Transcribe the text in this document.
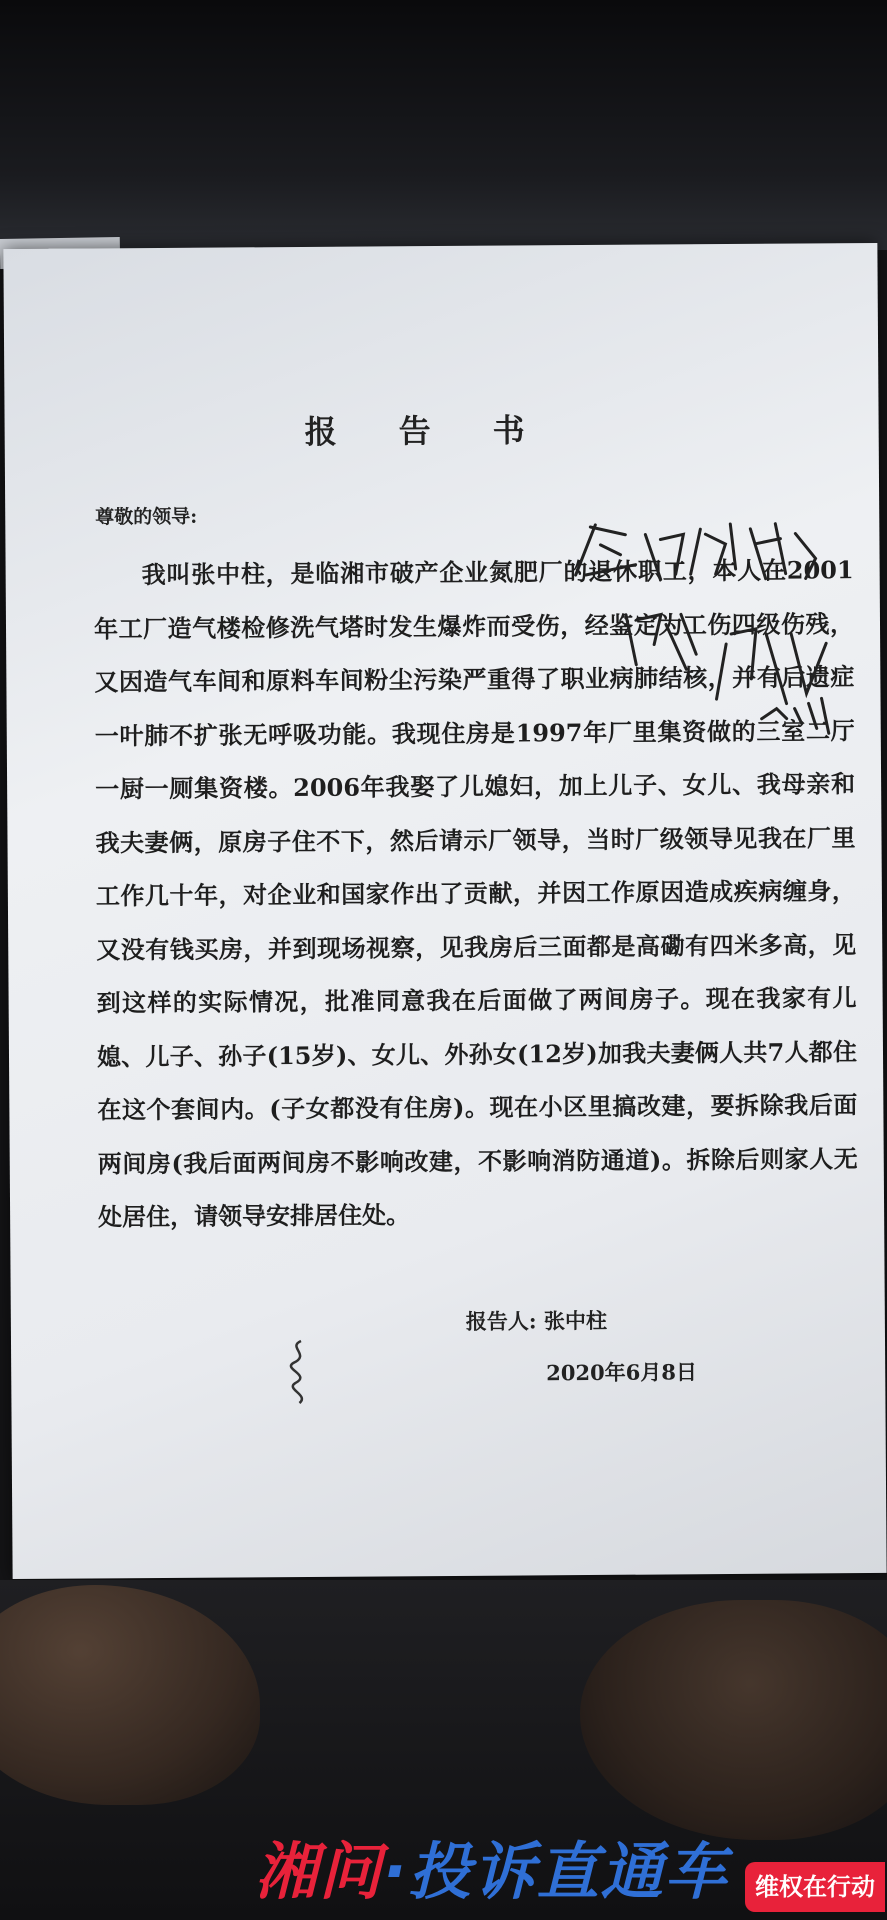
报告书
尊敬的领导:
我叫张中柱，是临湘市破产企业氮肥厂的退休职工，本人在2001年工厂造气楼检修洗气塔时发生爆炸而受伤，经鉴定为工伤四级伤残，又因造气车间和原料车间粉尘污染严重得了职业病肺结核，并有后遗症一叶肺不扩张无呼吸功能。我现住房是1997年厂里集资做的三室二厅一厨一厕集资楼。2006年我娶了儿媳妇，加上儿子、女儿、我母亲和我夫妻俩，原房子住不下，然后请示厂领导，当时厂级领导见我在厂里工作几十年，对企业和国家作出了贡献，并因工作原因造成疾病缠身，又没有钱买房，并到现场视察，见我房后三面都是高磡有四米多高，见到这样的实际情况，批准同意我在后面做了两间房子。现在我家有儿媳、儿子、孙子(15岁)、女儿、外孙女(12岁)加我夫妻俩人共7人都住在这个套间内。(子女都没有住房)。现在小区里搞改建，要拆除我后面两间房(我后面两间房不影响改建，不影响消防通道)。拆除后则家人无处居住，请领导安排居住处。
报告人: 张中柱
2020年6月8日
湘问·投诉直通车	维权在行动
